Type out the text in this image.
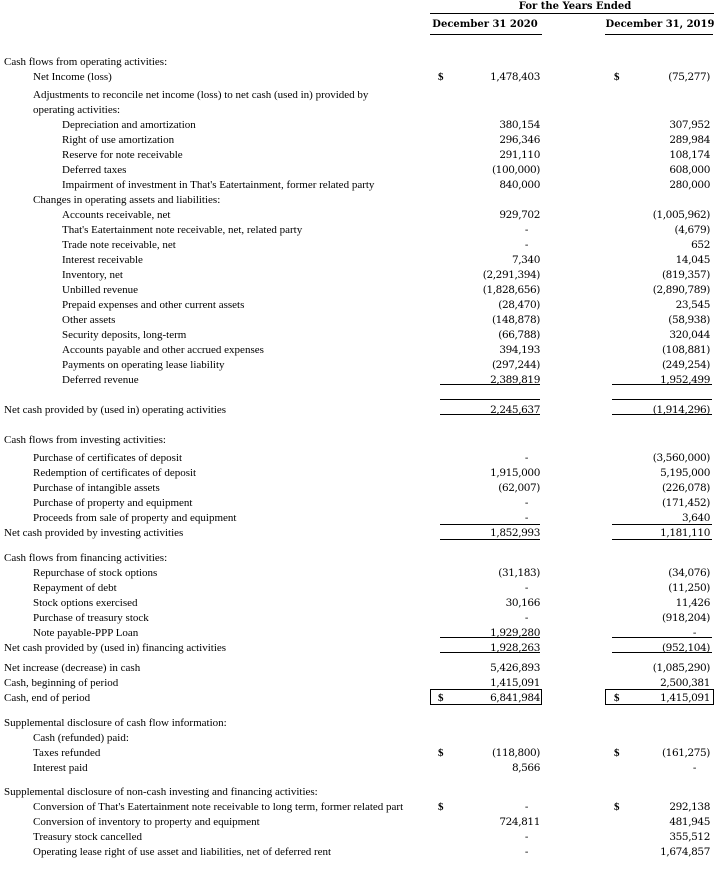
For the Years Ended
December 31 2020	December 31, 2019
Cash flows from operating activities:
Net Income (loss)	$	1,478,403	$	(75,277)
Adjustments to reconcile net income (loss) to net cash (used in) provided by
operating activities:
Depreciation and amortization	380,154	307,952
Right of use amortization	296,346	289,984
Reserve for note receivable	291,110	108,174
Deferred taxes	(100,000)	608,000
Impairment of investment in That's Eatertainment, former related party	840,000	280,000
Changes in operating assets and liabilities:
Accounts receivable, net	929,702	(1,005,962)
That's Eatertainment note receivable, net, related party	-	(4,679)
Trade note receivable, net	-	652
Interest receivable	7,340	14,045
Inventory, net	(2,291,394)	(819,357)
Unbilled revenue	(1,828,656)	(2,890,789)
Prepaid expenses and other current assets	(28,470)	23,545
Other assets	(148,878)	(58,938)
Security deposits, long-term	(66,788)	320,044
Accounts payable and other accrued expenses	394,193	(108,881)
Payments on operating lease liability	(297,244)	(249,254)
Deferred revenue	2,389,819	1,952,499
Net cash provided by (used in) operating activities	2,245,637	(1,914,296)
Cash flows from investing activities:
Purchase of certificates of deposit	-	(3,560,000)
Redemption of certificates of deposit	1,915,000	5,195,000
Purchase of intangible assets	(62,007)	(226,078)
Purchase of property and equipment	-	(171,452)
Proceeds from sale of property and equipment	-	3,640
Net cash provided by investing activities	1,852,993	1,181,110
Cash flows from financing activities:
Repurchase of stock options	(31,183)	(34,076)
Repayment of debt	-	(11,250)
Stock options exercised	30,166	11,426
Purchase of treasury stock	-	(918,204)
Note payable-PPP Loan	1,929,280	-
Net cash provided by (used in) financing activities	1,928,263	(952,104)
Net increase (decrease) in cash	5,426,893	(1,085,290)
Cash, beginning of period	1,415,091	2,500,381
Cash, end of period	$	6,841,984	$	1,415,091
Supplemental disclosure of cash flow information:
Cash (refunded) paid:
Taxes refunded	$	(118,800)	$	(161,275)
Interest paid	8,566	-
Supplemental disclosure of non-cash investing and financing activities:
Conversion of That's Eatertainment note receivable to long term, former related part	$	-	$	292,138
Conversion of inventory to property and equipment	724,811	481,945
Treasury stock cancelled	-	355,512
Operating lease right of use asset and liabilities, net of deferred rent	-	1,674,857
